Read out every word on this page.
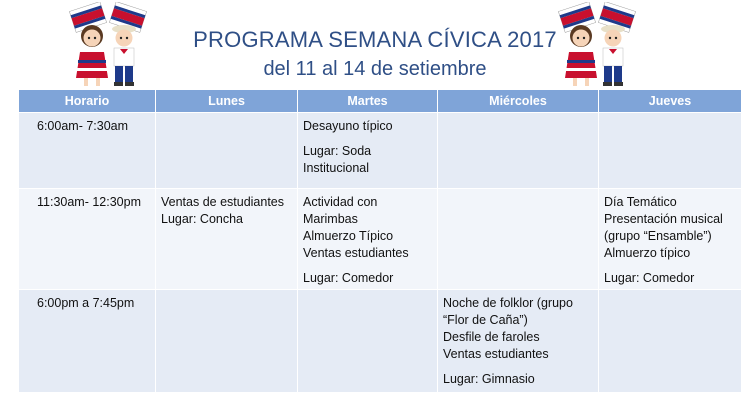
PROGRAMA SEMANA CÍVICA 2017
del 11 al 14 de setiembre
Horario	Lunes	Martes	Miércoles	Jueves
6:00am- 7:30am		Desayuno típico
Lugar: Soda
Institucional		
11:30am- 12:30pm	Ventas de estudiantes
Lugar: Concha	Actividad con
Marimbas
Almuerzo Típico
Ventas estudiantes
Lugar: Comedor		Día Temático
Presentación musical
(grupo “Ensamble”)
Almuerzo típico
Lugar: Comedor
6:00pm a 7:45pm			Noche de folklor (grupo
“Flor de Caña”)
Desfile de faroles
Ventas estudiantes
Lugar: Gimnasio	
